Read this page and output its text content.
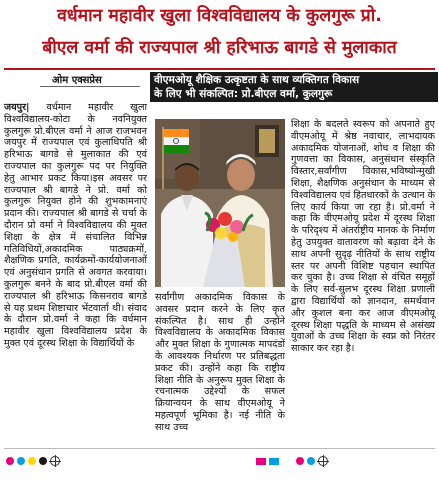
वर्धमान महावीर खुला विश्वविद्यालय के कुलगुरू प्रो.
बीएल वर्मा की राज्यपाल श्री हरिभाऊ बागडे से मुलाकात
ओम एक्सप्रेस	वीएमओयू शैक्षिक उत्कृष्टता के साथ व्यक्तिगत विकास
के लिए भी संकल्पित: प्रो.बीएल वर्मा, कुलगुरू

जयपुर| वर्धमान महावीर खुला विश्वविद्यालय-कोटा के नवनियुक्त कुलगुरू प्रो.बीएल वर्मा ने आज राजभवन जयपुर में राज्यपाल एवं कुलाधिपति श्री हरिभाऊ बागडे से मुलाकात की एवं राज्यपाल का कुलगुरू पद पर नियुक्ति हेतु आभार प्रकट किया।इस अवसर पर राज्यपाल श्री बागडे ने प्रो. वर्मा को कुलगुरू नियुक्त होने की शुभकामनाएं प्रदान की। राज्यपाल श्री बागडे से चर्चा के दौरान प्रो वर्मा ने विश्वविद्यालय की मुक्त शिक्षा के क्षेत्र में संचालित विभिन्न गतिविधियों,अकादमिक पाठ्यक्रमों, शैक्षणिक प्रगति, कार्यक्रमों-कार्ययोजनाओं एवं अनुसंधान प्रगति से अवगत करवाया।कुलगुरू बनने के बाद प्रो.बीएल वर्मा की राज्यपाल श्री हरिभाऊ किसनराव बागडे से यह प्रथम शिष्टाचार भेंटवार्ता थी। संवाद के दौरान प्रो.वर्मा ने कहा कि वर्धमान महावीर खुला विश्वविद्यालय प्रदेश के मुक्त एवं दूरस्थ शिक्षा के विद्यार्थियों के

सर्वांगीण अकादमिक विकास के अवसर प्रदान करने के लिए कृत संकल्पित है। साथ ही उन्होंने विश्वविद्यालय के अकादमिक विकास और मुक्त शिक्षा के गुणात्मक मापदंडों के आवश्यक निर्धारण पर प्रतिबद्धता प्रकट की। उन्होंने कहा कि राष्ट्रीय शिक्षा नीति के अनुरूप मुक्त शिक्षा के रचनात्मक उद्देश्यों के सफल क्रियान्वयन के साथ वीएमओयू ने महत्वपूर्ण भूमिका है। नई नीति के साथ उच्च

शिक्षा के बदलते स्वरूप को अपनाते हुए वीएमओयू में श्रेष्ठ नवाचार, लाभदायक अकादमिक योजनाओं, शोध व शिक्षा की गुणवत्ता का विकास, अनुसंधान संस्कृति विस्तार,सर्वांगीण विकास,भविष्योन्मुखी शिक्षा, शैक्षणिक अनुसंधान के माध्यम से विश्वविद्यालय एवं हितधारकों के उत्थान के लिए कार्य किया जा रहा है। प्रो.वर्मा ने कहा कि वीएमओयू प्रदेश में दूरस्थ शिक्षा के परिदृश्य में अंतर्राष्ट्रीय मानक के निर्माण हेतु उपयुक्त वातावरण को बढ़ावा देने के साथ अपनी सुदृढ़ नीतियों के साथ राष्ट्रीय स्तर पर अपनी विशिष्ट पहचान स्थापित कर चुका है। उच्च शिक्षा से वंचित समूहों के लिए सर्व-सुलभ दूरस्थ शिक्षा प्रणाली द्वारा विद्यार्थियों को ज्ञानदान, समर्थवान और कुशल बना कर आज वीएमओयू दूरस्थ शिक्षा पद्धति के माध्यम से असंख्य युवाओं के उच्च शिक्षा के स्वप्न को निरंतर साकार कर रहा है।
